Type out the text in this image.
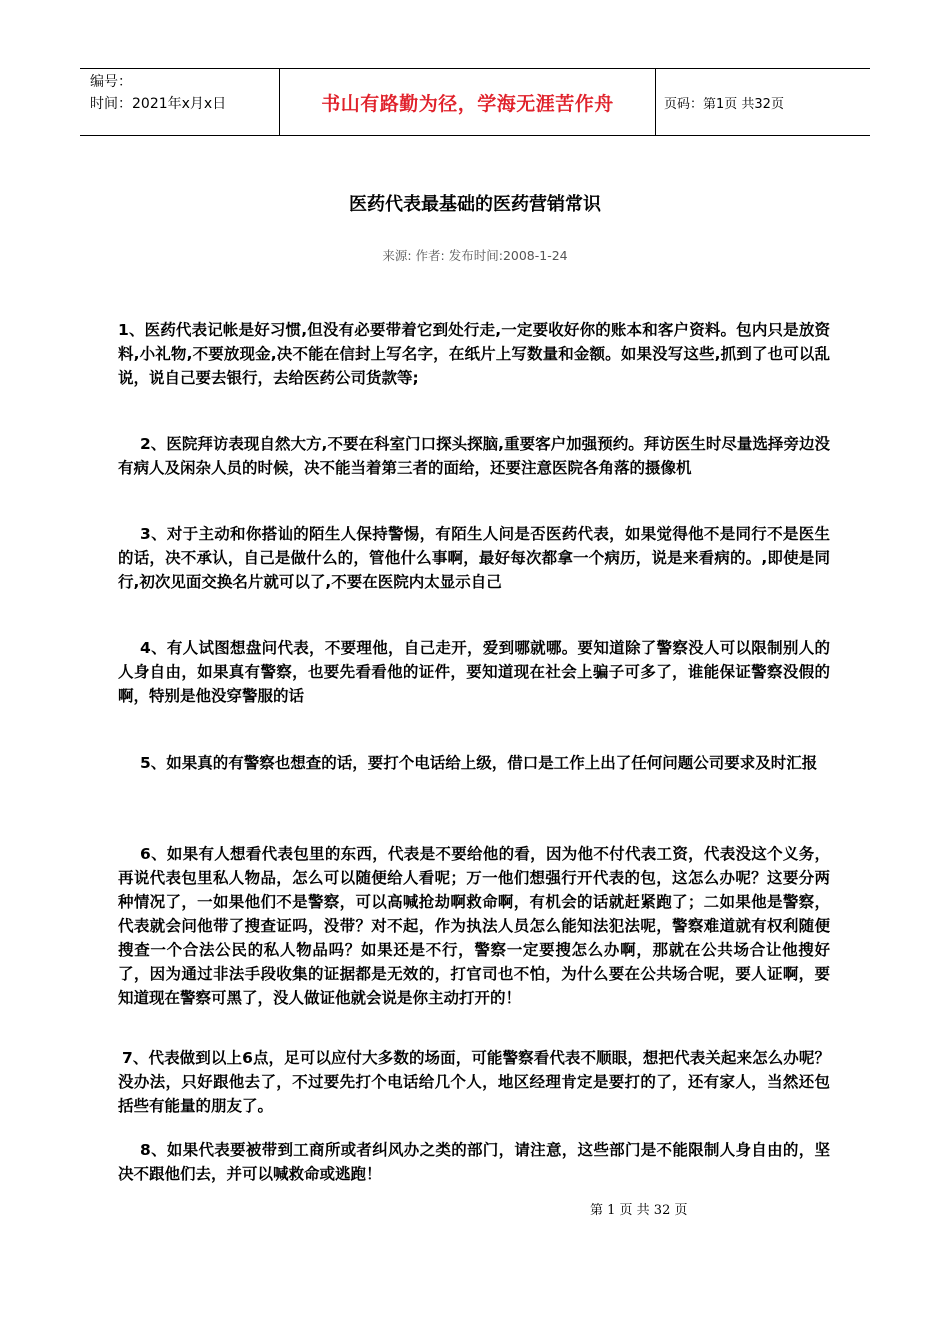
编号：
时间：2021年x月x日	书山有路勤为径，学海无涯苦作舟	页码：第1页 共32页
医药代表最基础的医药营销常识
来源: 作者: 发布时间:2008-1-24
1、医药代表记帐是好习惯,但没有必要带着它到处行走,一定要收好你的账本和客户资料。包内只是放资料,小礼物,不要放现金,决不能在信封上写名字，在纸片上写数量和金额。如果没写这些,抓到了也可以乱说，说自己要去银行，去给医药公司货款等;
2、医院拜访表现自然大方,不要在科室门口探头探脑,重要客户加强预约。拜访医生时尽量选择旁边没有病人及闲杂人员的时候，决不能当着第三者的面给，还要注意医院各角落的摄像机
3、对于主动和你搭讪的陌生人保持警惕，有陌生人问是否医药代表，如果觉得他不是同行不是医生的话，决不承认，自己是做什么的，管他什么事啊，最好每次都拿一个病历，说是来看病的。,即使是同行,初次见面交换名片就可以了,不要在医院内太显示自己
4、有人试图想盘问代表，不要理他，自己走开，爱到哪就哪。要知道除了警察没人可以限制别人的人身自由，如果真有警察，也要先看看他的证件，要知道现在社会上骗子可多了，谁能保证警察没假的啊，特别是他没穿警服的话
5、如果真的有警察也想查的话，要打个电话给上级，借口是工作上出了任何问题公司要求及时汇报
6、如果有人想看代表包里的东西，代表是不要给他的看，因为他不付代表工资，代表没这个义务，再说代表包里私人物品，怎么可以随便给人看呢；万一他们想强行开代表的包，这怎么办呢？这要分两种情况了，一如果他们不是警察，可以高喊抢劫啊救命啊，有机会的话就赶紧跑了；二如果他是警察，代表就会问他带了搜查证吗，没带？对不起，作为执法人员怎么能知法犯法呢，警察难道就有权利随便搜查一个合法公民的私人物品吗？如果还是不行，警察一定要搜怎么办啊，那就在公共场合让他搜好了，因为通过非法手段收集的证据都是无效的，打官司也不怕，为什么要在公共场合呢，要人证啊，要知道现在警察可黑了，没人做证他就会说是你主动打开的！
7、代表做到以上6点，足可以应付大多数的场面，可能警察看代表不顺眼，想把代表关起来怎么办呢？没办法，只好跟他去了，不过要先打个电话给几个人，地区经理肯定是要打的了，还有家人，当然还包括些有能量的朋友了。
8、如果代表要被带到工商所或者纠风办之类的部门，请注意，这些部门是不能限制人身自由的，坚决不跟他们去，并可以喊救命或逃跑！
第 1 页 共 32 页
